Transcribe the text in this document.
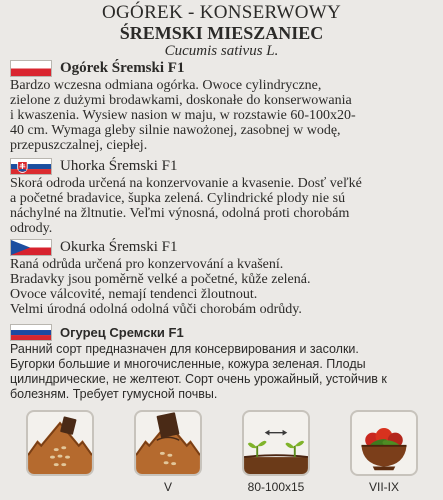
OGÓREK - KONSERWOWY
ŚREMSKI MIESZANIEC
Cucumis sativus L.
Ogórek Śremski F1
Bardzo wczesna odmiana ogórka. Owoce cylindryczne,
zielone z dużymi brodawkami, doskonałe do konserwowania
i kwaszenia. Wysiew nasion w maju, w rozstawie 60-100x20-
40 cm. Wymaga gleby silnie nawożonej, zasobnej w wodę,
przepuszczalnej, ciepłej.
Uhorka Śremski F1
Skorá odroda určená na konzervovanie a kvasenie. Dosť veľké
a početné bradavice, šupka zelená. Cylindrické plody nie sú
náchylné na žltnutie. Veľmi výnosná, odolná proti chorobám
odrody.
Okurka Śremski F1
Raná odrůda určená pro konzervování a kvašení.
Bradavky jsou poměrně velké a početné, kůže zelená.
Ovoce válcovité, nemají tendenci žloutnout.
Velmi úrodná odolná odolná vůči chorobám odrůdy.
Огурец Сремски F1
Ранний сорт предназначен для консервирования и засолки.
Бугорки большие и многочисленные, кожура зеленая. Плоды
цилиндрические, не желтеют. Сорт очень урожайный, устойчив к
болезням. Требует гумусной почвы.
V	80-100x15	VII-IX
